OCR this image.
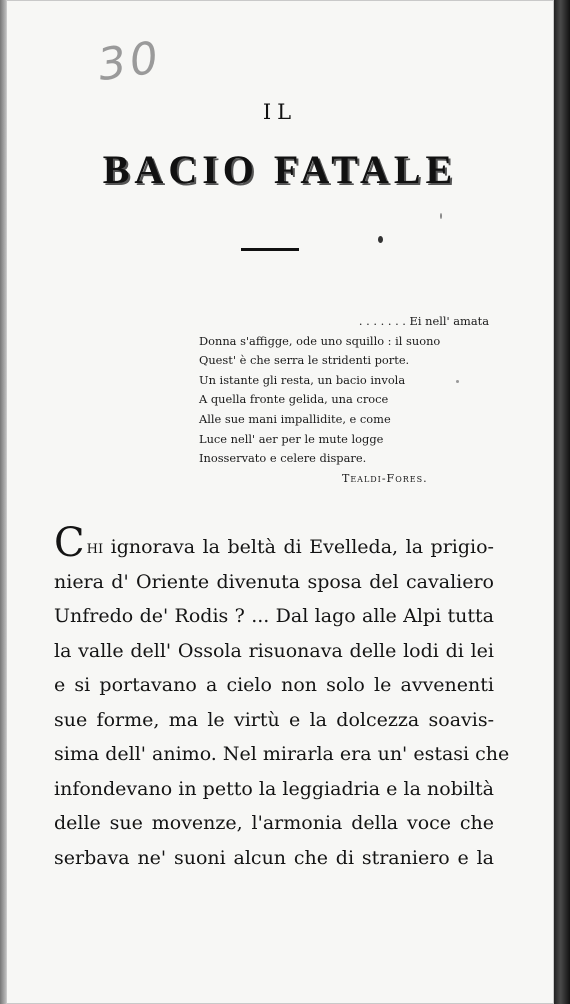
30
IL
BACIO FATALE
. . . . . . . Ei nell' amata
Donna s'affigge, ode uno squillo : il suono
Quest' è che serra le stridenti porte.
Un istante gli resta, un bacio invola
A quella fronte gelida, una croce
Alle sue mani impallidite, e come
Luce nell' aer per le mute logge
Inosservato e celere dispare.
Tealdi-Fores.
Chi ignorava la beltà di Evelleda, la prigio-
niera d' Oriente divenuta sposa del cavaliero
Unfredo de' Rodis ? ... Dal lago alle Alpi tutta
la valle dell' Ossola risuonava delle lodi di lei
e si portavano a cielo non solo le avvenenti
sue forme, ma le virtù e la dolcezza soavis-
sima dell' animo. Nel mirarla era un' estasi che
infondevano in petto la leggiadria e la nobiltà
delle sue movenze, l'armonia della voce che
serbava ne' suoni alcun che di straniero e la
